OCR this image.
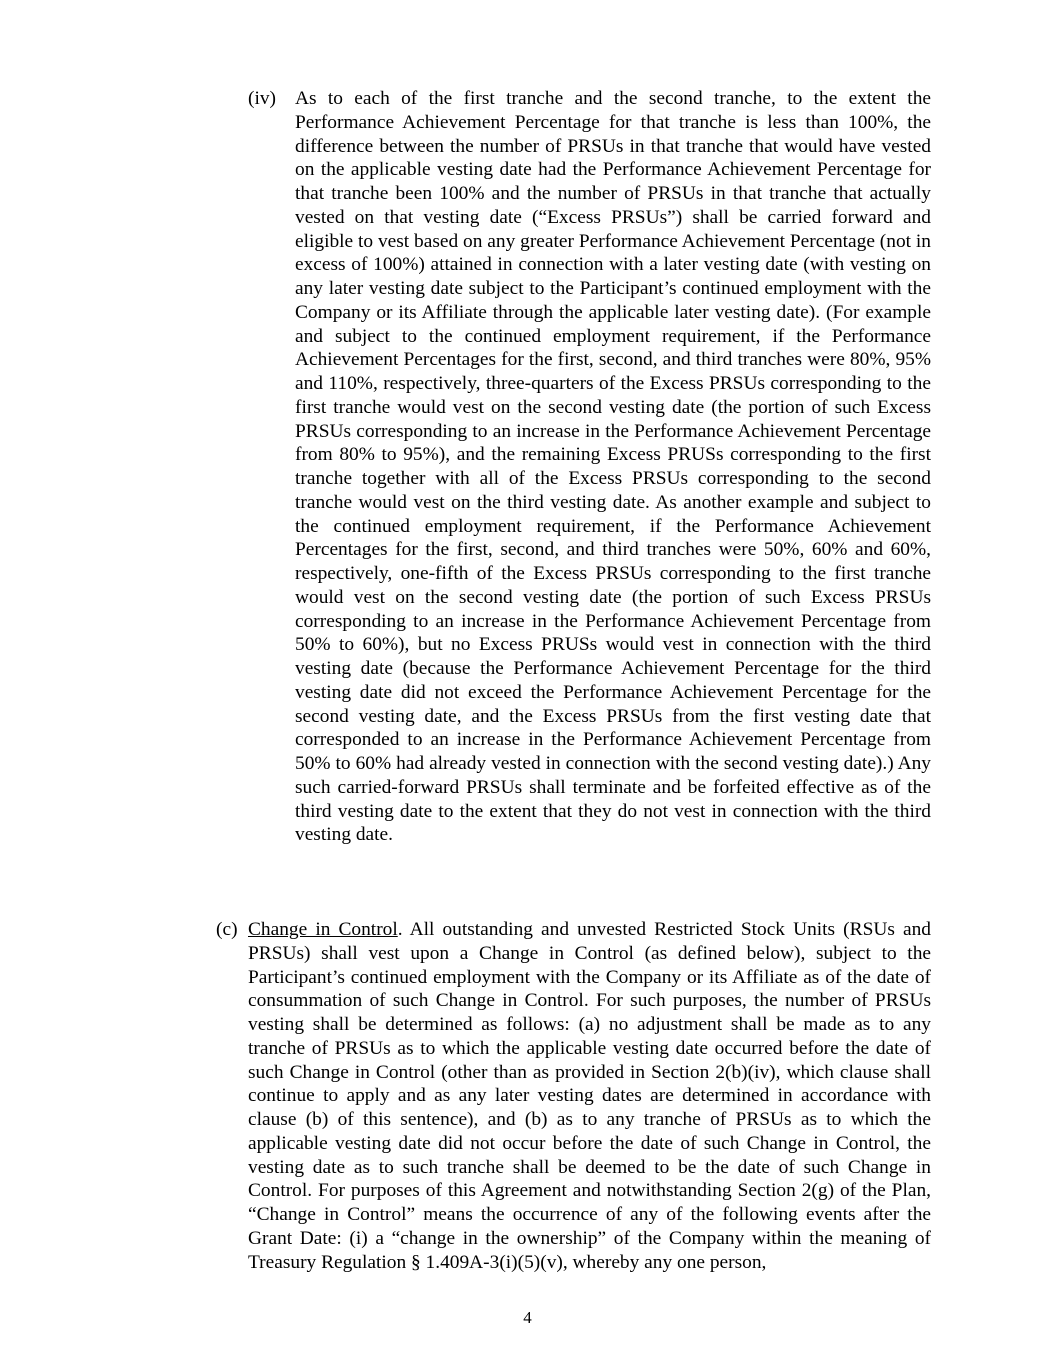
(iv) As to each of the first tranche and the second tranche, to the extent the Performance Achievement Percentage for that tranche is less than 100%, the difference between the number of PRSUs in that tranche that would have vested on the applicable vesting date had the Performance Achievement Percentage for that tranche been 100% and the number of PRSUs in that tranche that actually vested on that vesting date (“Excess PRSUs”) shall be carried forward and eligible to vest based on any greater Performance Achievement Percentage (not in excess of 100%) attained in connection with a later vesting date (with vesting on any later vesting date subject to the Participant’s continued employment with the Company or its Affiliate through the applicable later vesting date). (For example and subject to the continued employment requirement, if the Performance Achievement Percentages for the first, second, and third tranches were 80%, 95% and 110%, respectively, three-quarters of the Excess PRSUs corresponding to the first tranche would vest on the second vesting date (the portion of such Excess PRSUs corresponding to an increase in the Performance Achievement Percentage from 80% to 95%), and the remaining Excess PRUSs corresponding to the first tranche together with all of the Excess PRSUs corresponding to the second tranche would vest on the third vesting date. As another example and subject to the continued employment requirement, if the Performance Achievement Percentages for the first, second, and third tranches were 50%, 60% and 60%, respectively, one-fifth of the Excess PRSUs corresponding to the first tranche would vest on the second vesting date (the portion of such Excess PRSUs corresponding to an increase in the Performance Achievement Percentage from 50% to 60%), but no Excess PRUSs would vest in connection with the third vesting date (because the Performance Achievement Percentage for the third vesting date did not exceed the Performance Achievement Percentage for the second vesting date, and the Excess PRSUs from the first vesting date that corresponded to an increase in the Performance Achievement Percentage from 50% to 60% had already vested in connection with the second vesting date).) Any such carried-forward PRSUs shall terminate and be forfeited effective as of the third vesting date to the extent that they do not vest in connection with the third vesting date.

(c) Change in Control. All outstanding and unvested Restricted Stock Units (RSUs and PRSUs) shall vest upon a Change in Control (as defined below), subject to the Participant’s continued employment with the Company or its Affiliate as of the date of consummation of such Change in Control. For such purposes, the number of PRSUs vesting shall be determined as follows: (a) no adjustment shall be made as to any tranche of PRSUs as to which the applicable vesting date occurred before the date of such Change in Control (other than as provided in Section 2(b)(iv), which clause shall continue to apply and as any later vesting dates are determined in accordance with clause (b) of this sentence), and (b) as to any tranche of PRSUs as to which the applicable vesting date did not occur before the date of such Change in Control, the vesting date as to such tranche shall be deemed to be the date of such Change in Control. For purposes of this Agreement and notwithstanding Section 2(g) of the Plan, “Change in Control” means the occurrence of any of the following events after the Grant Date: (i) a “change in the ownership” of the Company within the meaning of Treasury Regulation § 1.409A-3(i)(5)(v), whereby any one person,

4
